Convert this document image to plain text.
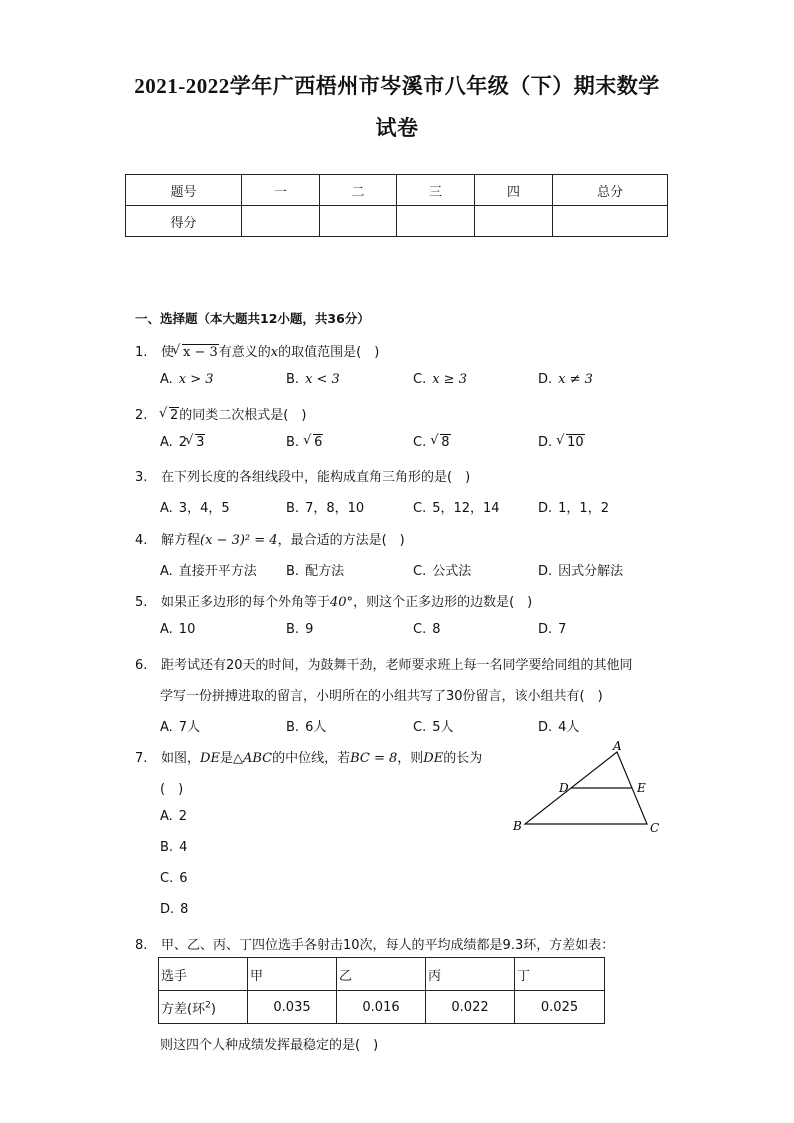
2021-2022学年广西梧州市岑溪市八年级（下）期末数学
试卷
题号	一	二	三	四	总分
得分					
一、选择题（本大题共12小题，共36分）
1. 使 √ x − 3有意义的x的取值范围是(　)
A. x > 3	B. x < 3	C. x ≥ 3	D. x ≠ 3
2. √ 2的同类二次根式是(　)
A. 2 √ 3	B. √ 6	C. √ 8	D. √ 10
3. 在下列长度的各组线段中，能构成直角三角形的是(　)
A. 3，4，5	B. 7，8，10	C. 5，12，14	D. 1，1，2
4. 解方程(x − 3)² = 4，最合适的方法是(　)
A. 直接开平方法 B. 配方法	C. 公式法	D. 因式分解法
5. 如果正多边形的每个外角等于40°，则这个正多边形的边数是(　)
A. 10	B. 9	C. 8	D. 7
6. 距考试还有20天的时间，为鼓舞干劲，老师要求班上每一名同学要给同组的其他同
学写一份拼搏进取的留言，小明所在的小组共写了30份留言，该小组共有(　)
A. 7人	B. 6人	C. 5人	D. 4人
7. 如图，DE是△ABC的中位线，若BC = 8，则DE的长为
(　)
A. 2
B. 4
C. 6
D. 8
A
D	E
B	C
8. 甲、乙、丙、丁四位选手各射击10次，每人的平均成绩都是9.3环，方差如表：
选手	甲	乙	丙	丁
方差(环$^2$)	0.035	0.016	0.022	0.025
则这四个人种成绩发挥最稳定的是(　)
